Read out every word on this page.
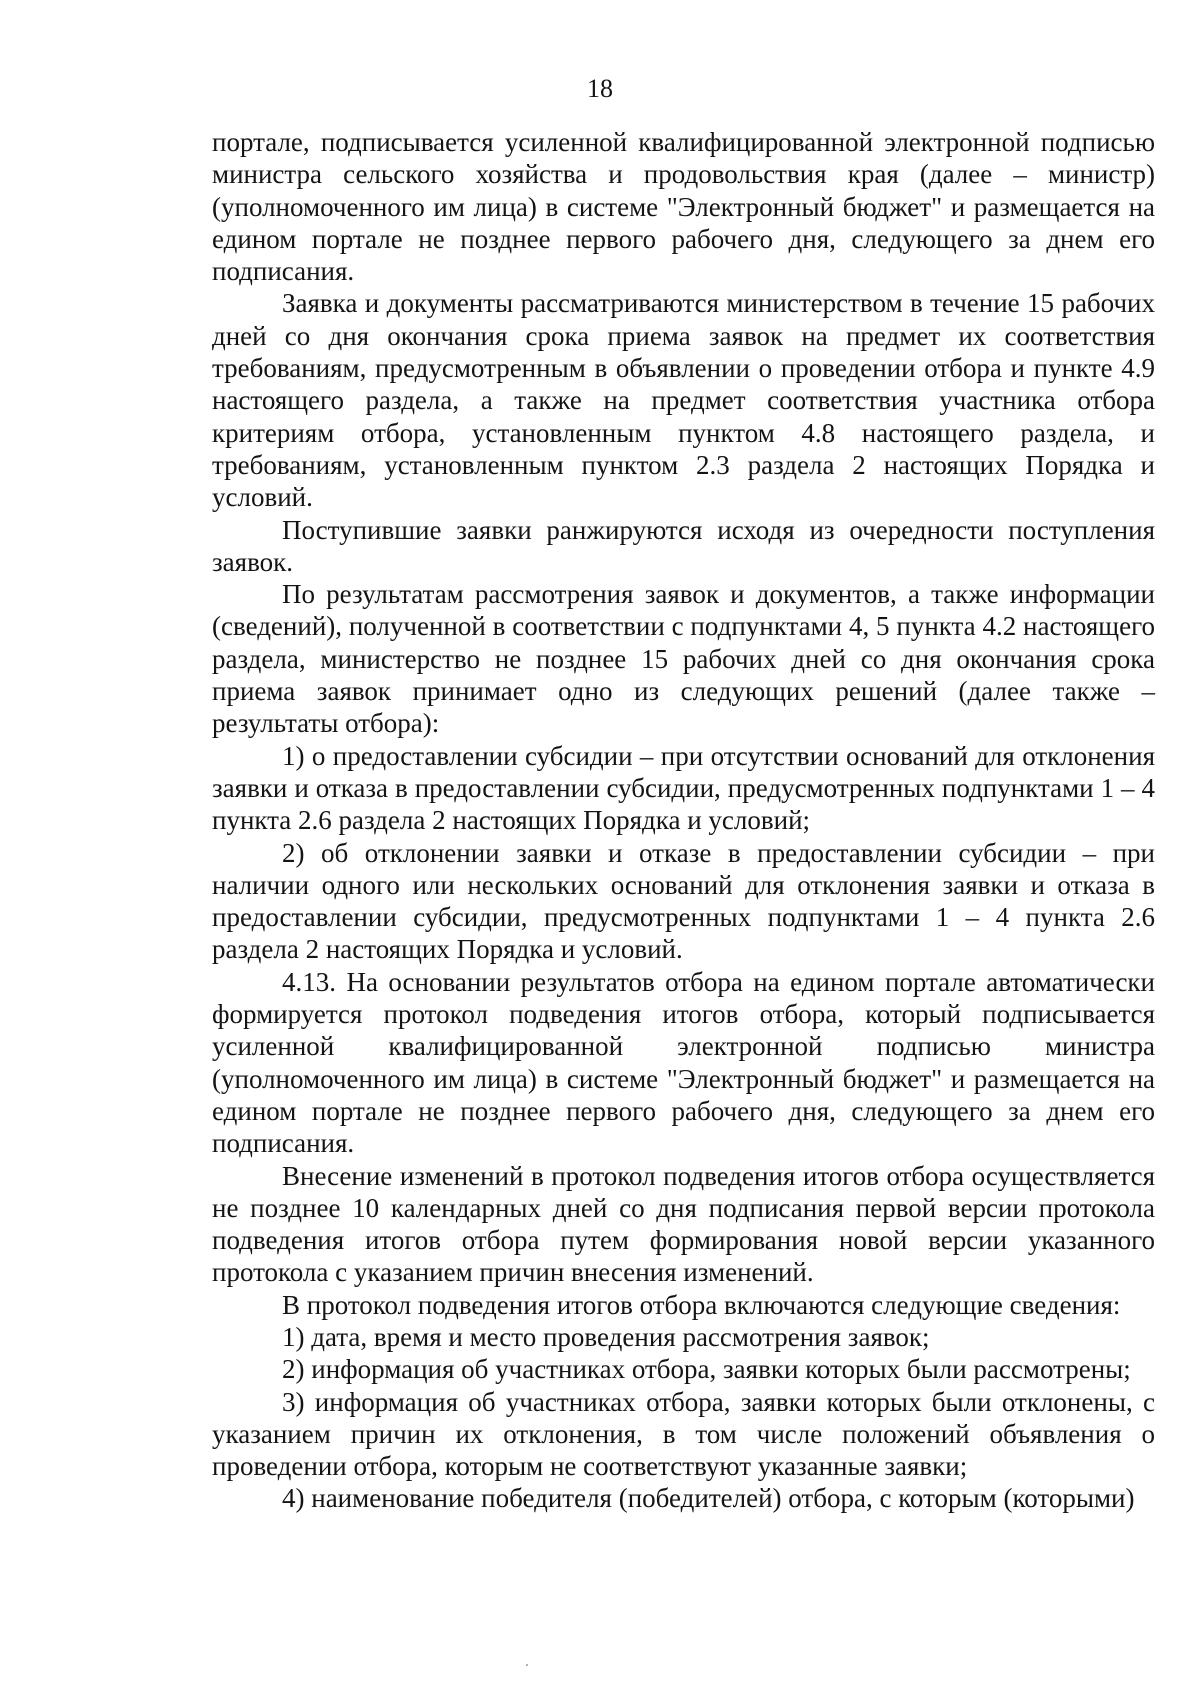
18

портале, подписывается усиленной квалифицированной электронной подписью министра сельского хозяйства и продовольствия края (далее – министр) (уполномоченного им лица) в системе "Электронный бюджет" и размещается на едином портале не позднее первого рабочего дня, следующего за днем его подписания.

Заявка и документы рассматриваются министерством в течение 15 рабочих дней со дня окончания срока приема заявок на предмет их соответствия требованиям, предусмотренным в объявлении о проведении отбора и пункте 4.9 настоящего раздела, а также на предмет соответствия участника отбора критериям отбора, установленным пунктом 4.8 настоящего раздела, и требованиям, установленным пунктом 2.3 раздела 2 настоящих Порядка и условий.

Поступившие заявки ранжируются исходя из очередности поступления заявок.

По результатам рассмотрения заявок и документов, а также информации (сведений), полученной в соответствии с подпунктами 4, 5 пункта 4.2 настоящего раздела, министерство не позднее 15 рабочих дней со дня окончания срока приема заявок принимает одно из следующих решений (далее также – результаты отбора):

1) о предоставлении субсидии – при отсутствии оснований для отклонения заявки и отказа в предоставлении субсидии, предусмотренных подпунктами 1 – 4 пункта 2.6 раздела 2 настоящих Порядка и условий;

2) об отклонении заявки и отказе в предоставлении субсидии – при наличии одного или нескольких оснований для отклонения заявки и отказа в предоставлении субсидии, предусмотренных подпунктами 1 – 4 пункта 2.6 раздела 2 настоящих Порядка и условий.

4.13. На основании результатов отбора на едином портале автоматически формируется протокол подведения итогов отбора, который подписывается усиленной квалифицированной электронной подписью министра (уполномоченного им лица) в системе "Электронный бюджет" и размещается на едином портале не позднее первого рабочего дня, следующего за днем его подписания.

Внесение изменений в протокол подведения итогов отбора осуществляется не позднее 10 календарных дней со дня подписания первой версии протокола подведения итогов отбора путем формирования новой версии указанного протокола с указанием причин внесения изменений.

В протокол подведения итогов отбора включаются следующие сведения:

1) дата, время и место проведения рассмотрения заявок;

2) информация об участниках отбора, заявки которых были рассмотрены;

3) информация об участниках отбора, заявки которых были отклонены, с указанием причин их отклонения, в том числе положений объявления о проведении отбора, которым не соответствуют указанные заявки;

4) наименование победителя (победителей) отбора, с которым (которыми)
